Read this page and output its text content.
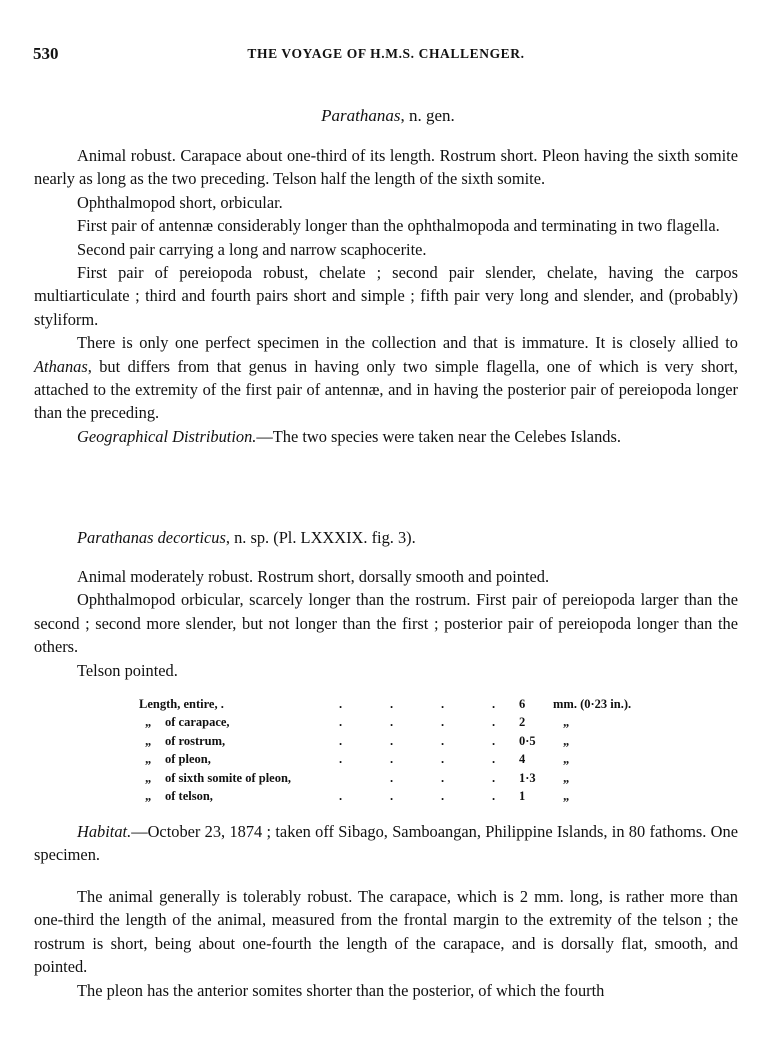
530	THE VOYAGE OF H.M.S. CHALLENGER.
Parathanas, n. gen.

Animal robust. Carapace about one-third of its length. Rostrum short. Pleon having the sixth somite nearly as long as the two preceding. Telson half the length of the sixth somite.

Ophthalmopod short, orbicular.

First pair of antennæ considerably longer than the ophthalmopoda and terminating in two flagella.

Second pair carrying a long and narrow scaphocerite.

First pair of pereiopoda robust, chelate ; second pair slender, chelate, having the carpos multiarticulate ; third and fourth pairs short and simple ; fifth pair very long and slender, and (probably) styliform.

There is only one perfect specimen in the collection and that is immature. It is closely allied to Athanas, but differs from that genus in having only two simple flagella, one of which is very short, attached to the extremity of the first pair of antennæ, and in having the posterior pair of pereiopoda longer than the preceding.

Geographical Distribution.—The two species were taken near the Celebes Islands.

Parathanas decorticus, n. sp. (Pl. LXXXIX. fig. 3).

Animal moderately robust. Rostrum short, dorsally smooth and pointed.

Ophthalmopod orbicular, scarcely longer than the rostrum. First pair of pereiopoda larger than the second ; second more slender, but not longer than the first ; posterior pair of pereiopoda longer than the others.

Telson pointed.

Length, entire, .		. . . .	6	mm. (0·23 in.).
„	of carapace,	. . . .	2	„
„	of rostrum,	. . . .	0·5	„
„	of pleon,	. . . .	4	„
„	of sixth somite of pleon,	. . .	1·3	„
„	of telson,	. . . .	1	„

Habitat.—October 23, 1874 ; taken off Sibago, Samboangan, Philippine Islands, in 80 fathoms. One specimen.

The animal generally is tolerably robust. The carapace, which is 2 mm. long, is rather more than one-third the length of the animal, measured from the frontal margin to the extremity of the telson ; the rostrum is short, being about one-fourth the length of the carapace, and is dorsally flat, smooth, and pointed.

The pleon has the anterior somites shorter than the posterior, of which the fourth
